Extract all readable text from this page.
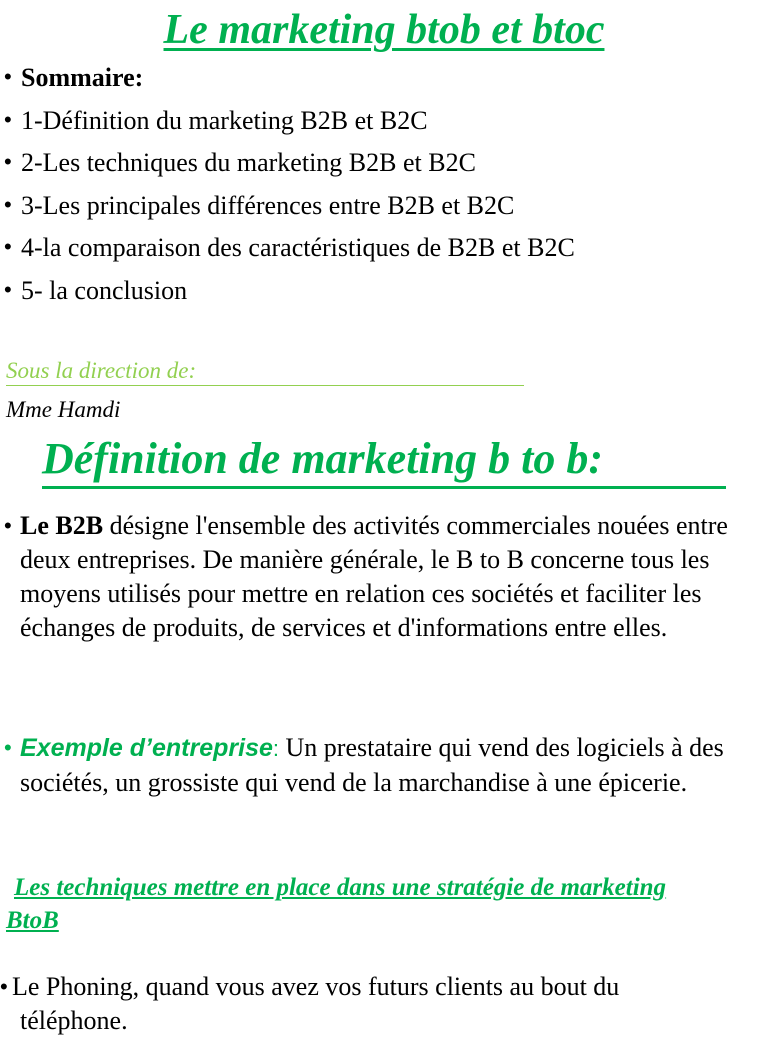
Le marketing btob et btoc
• Sommaire:
• 1-Définition du marketing B2B et B2C
• 2-Les techniques du marketing B2B et B2C
• 3-Les principales différences entre B2B et B2C
• 4-la comparaison des caractéristiques de B2B et B2C
• 5- la conclusion
Sous la direction de:
Mme Hamdi
Définition de marketing b to b:
• Le B2B désigne l'ensemble des activités commerciales nouées entre deux entreprises. De manière générale, le B to B concerne tous les moyens utilisés pour mettre en relation ces sociétés et faciliter les échanges de produits, de services et d'informations entre elles.
• Exemple d’entreprise: Un prestataire qui vend des logiciels à des sociétés, un grossiste qui vend de la marchandise à une épicerie.
Les techniques mettre en place dans une stratégie de marketing BtoB
• Le Phoning, quand vous avez vos futurs clients au bout du
téléphone.
